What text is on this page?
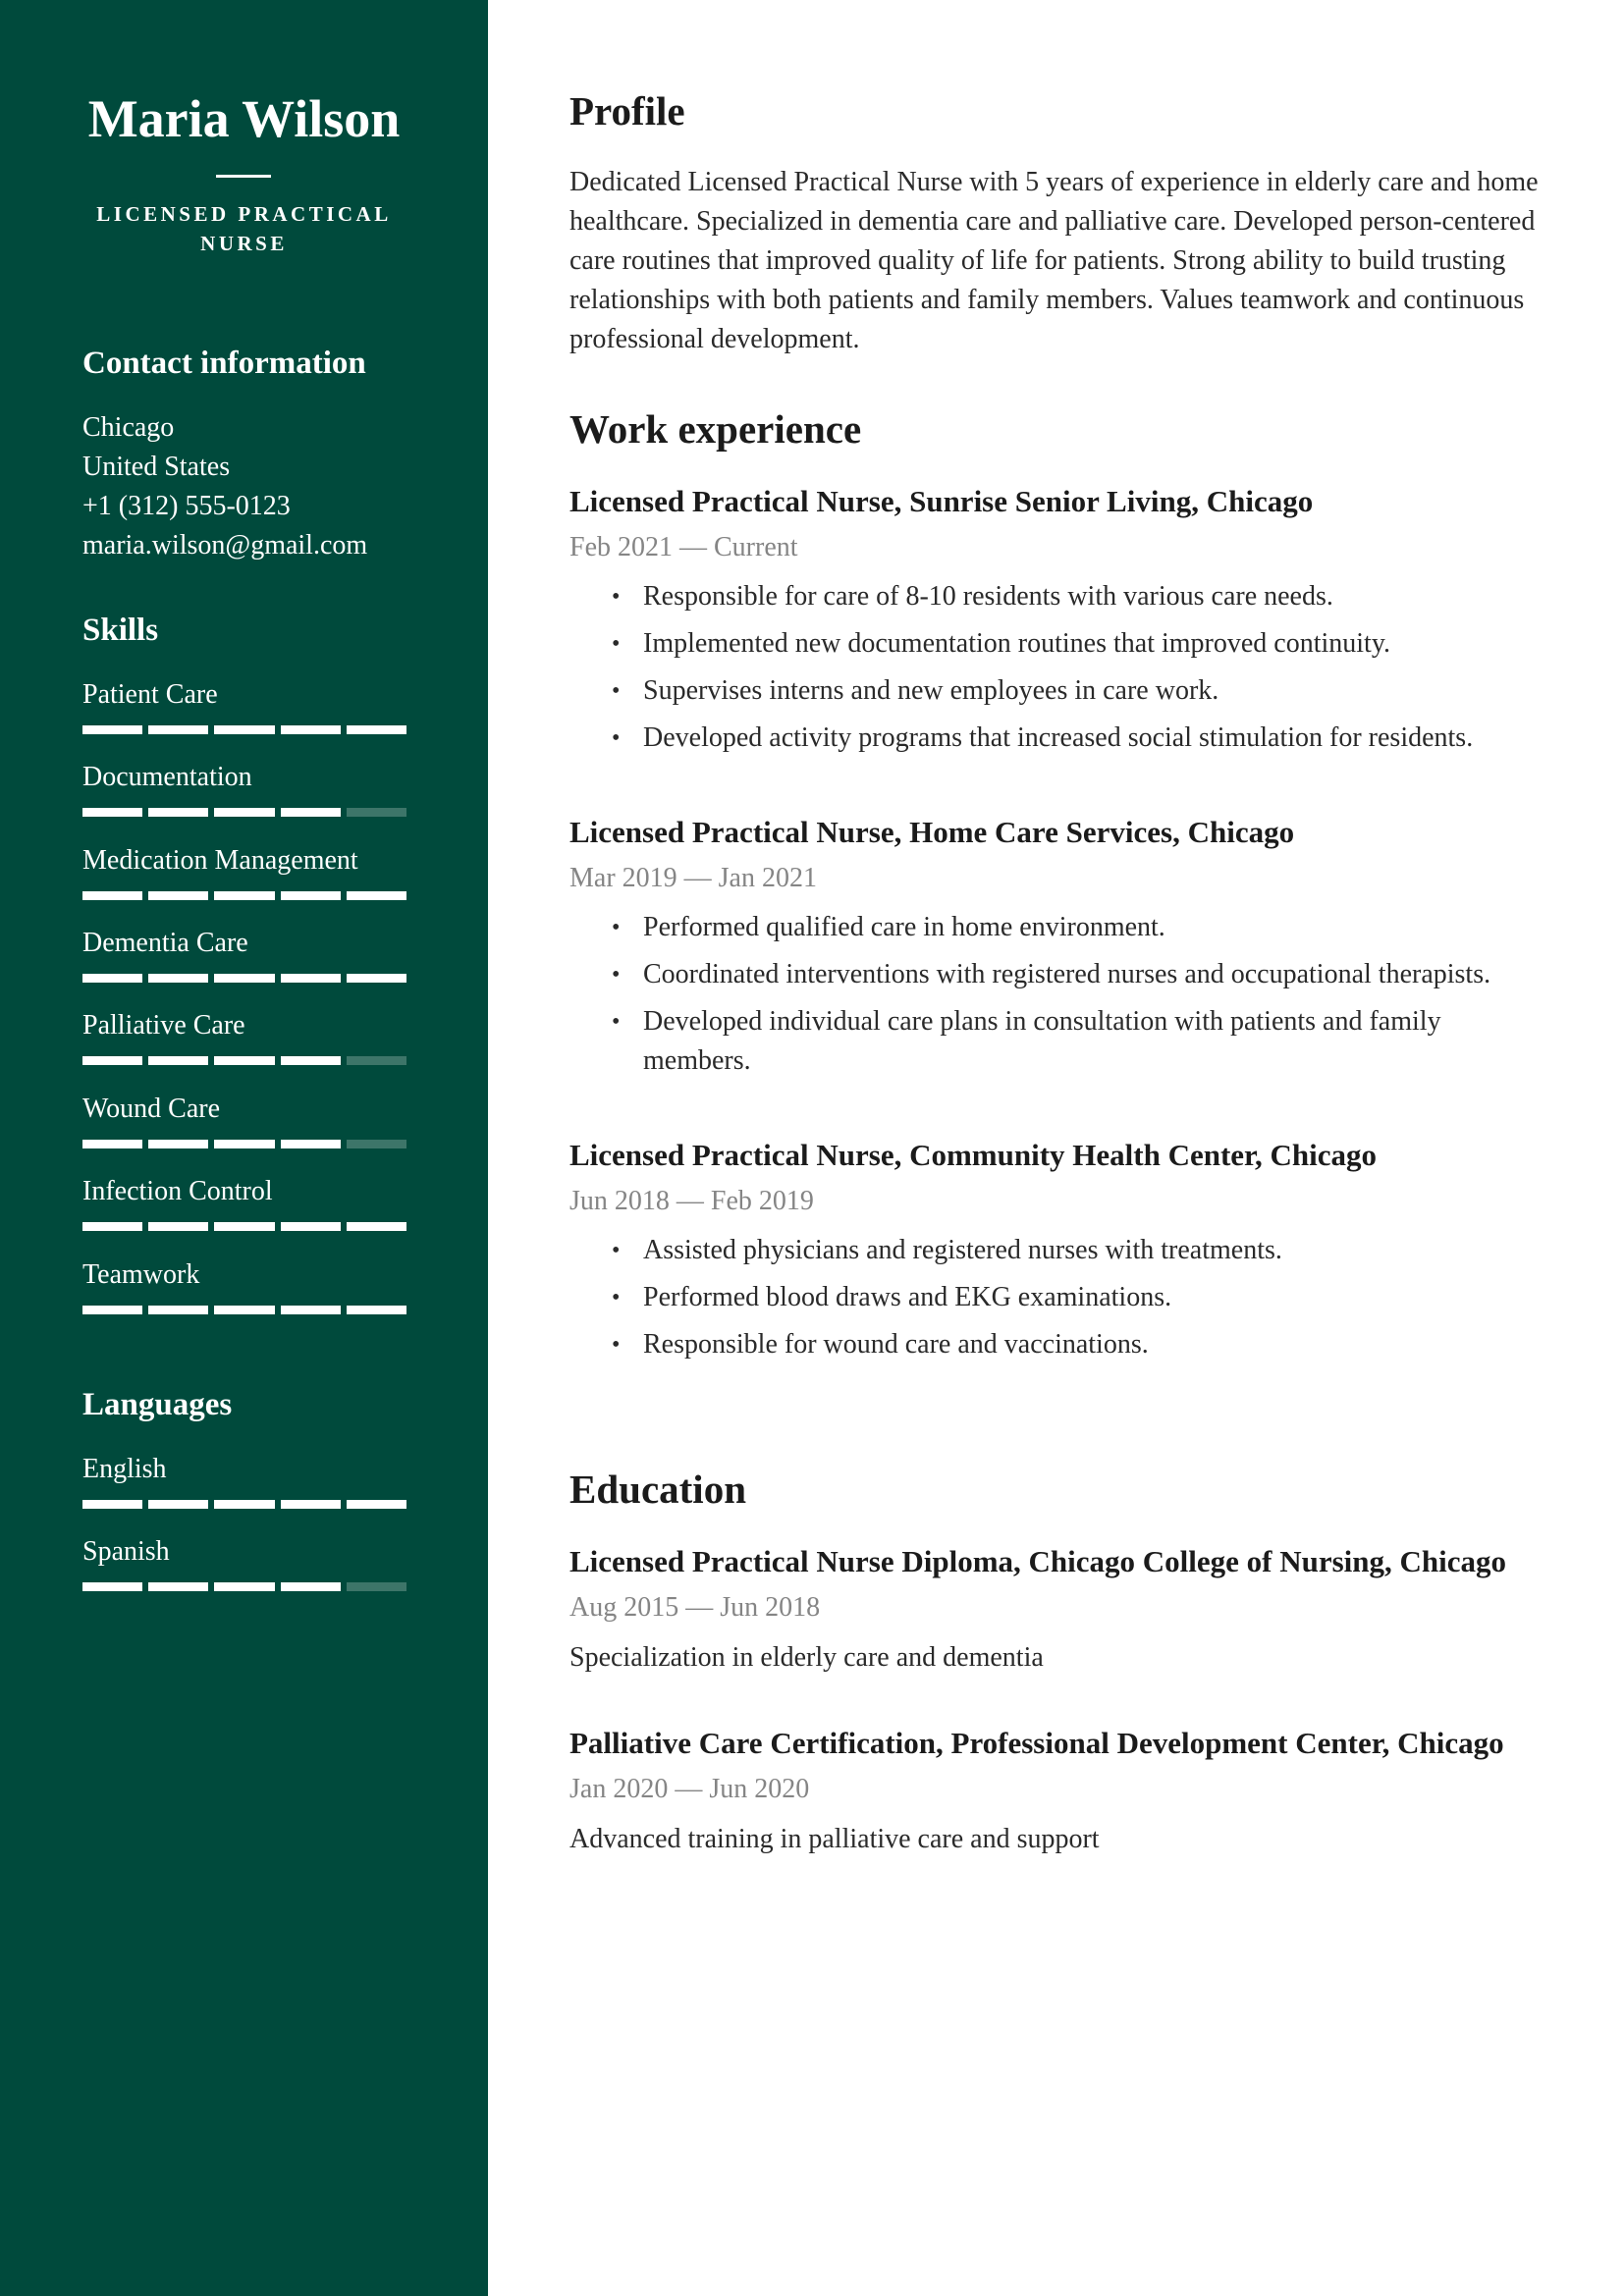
Maria Wilson
LICENSED PRACTICAL NURSE
Contact information
Chicago
United States
+1 (312) 555-0123
maria.wilson@gmail.com
Skills
Patient Care
Documentation
Medication Management
Dementia Care
Palliative Care
Wound Care
Infection Control
Teamwork
Languages
English
Spanish
Profile

Dedicated Licensed Practical Nurse with 5 years of experience in elderly care and home healthcare. Specialized in dementia care and palliative care. Developed person-centered care routines that improved quality of life for patients. Strong ability to build trusting relationships with both patients and family members. Values teamwork and continuous professional development.

Work experience
Licensed Practical Nurse, Sunrise Senior Living, Chicago
Feb 2021 — Current
• Responsible for care of 8-10 residents with various care needs.
• Implemented new documentation routines that improved continuity.
• Supervises interns and new employees in care work.
• Developed activity programs that increased social stimulation for residents.
Licensed Practical Nurse, Home Care Services, Chicago
Mar 2019 — Jan 2021
• Performed qualified care in home environment.
• Coordinated interventions with registered nurses and occupational therapists.
• Developed individual care plans in consultation with patients and family members.
Licensed Practical Nurse, Community Health Center, Chicago
Jun 2018 — Feb 2019
• Assisted physicians and registered nurses with treatments.
• Performed blood draws and EKG examinations.
• Responsible for wound care and vaccinations.
Education
Licensed Practical Nurse Diploma, Chicago College of Nursing, Chicago
Aug 2015 — Jun 2018
Specialization in elderly care and dementia
Palliative Care Certification, Professional Development Center, Chicago
Jan 2020 — Jun 2020
Advanced training in palliative care and support
